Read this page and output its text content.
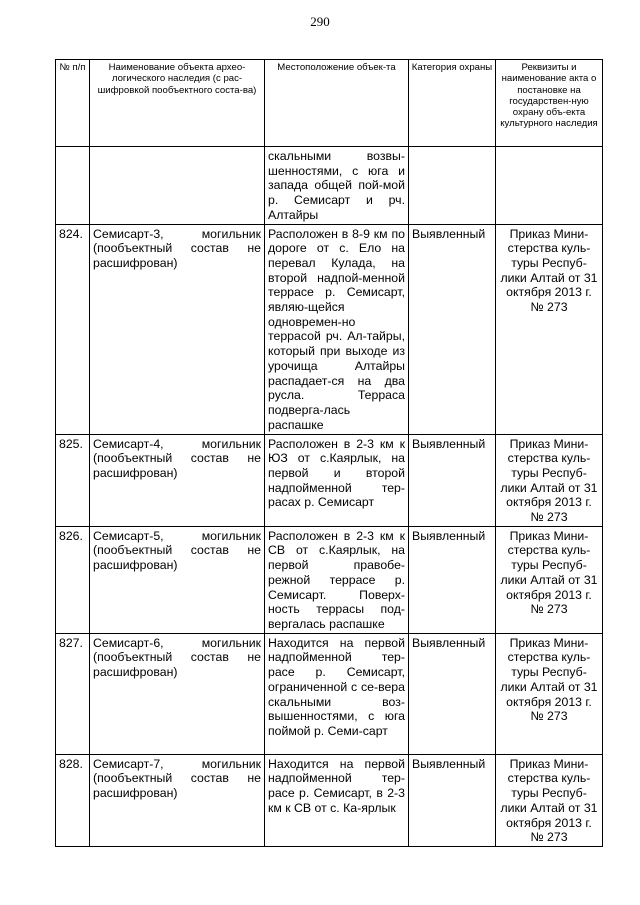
290
№ п/п	Наименование объекта архео-логического наследия (с рас-шифровкой пообъектного соста-ва)	Местоположение объек-та	Категория охраны	Реквизиты и наименование акта о постановке на государствен-ную охрану объ-екта культурного наследия
		скальными возвы-шенностями, с юга и запада общей пой-мой р. Семисарт и рч. Алтайры		
824.	Семисарт-3, могильник (пообъектный состав не расшифрован)	Расположен в 8-9 км по дороге от с. Ело на перевал Кулада, на второй надпой-менной террасе р. Семисарт, являю-щейся одновремен-но террасой рч. Ал-тайры, который при выходе из урочища Алтайры распадает-ся на два русла. Терраса подверга-лась распашке	Выявленный	Приказ Мини-стерства куль-туры Респуб-лики Алтай от 31 октября 2013 г. № 273
825.	Семисарт-4, могильник (пообъектный состав не расшифрован)	Расположен в 2-3 км к ЮЗ от с.Каярлык, на первой и второй надпойменной тер-расах р. Семисарт	Выявленный	Приказ Мини-стерства куль-туры Респуб-лики Алтай от 31 октября 2013 г. № 273
826.	Семисарт-5, могильник (пообъектный состав не расшифрован)	Расположен в 2-3 км к СВ от с.Каярлык, на первой правобе-режной террасе р. Семисарт. Поверх-ность террасы под-вергалась распашке	Выявленный	Приказ Мини-стерства куль-туры Респуб-лики Алтай от 31 октября 2013 г. № 273
827.	Семисарт-6, могильник (пообъектный состав не расшифрован)	Находится на первой надпойменной тер-расе р. Семисарт, ограниченной с се-вера скальными воз-вышенностями, с юга поймой р. Семи-сарт	Выявленный	Приказ Мини-стерства куль-туры Респуб-лики Алтай от 31 октября 2013 г. № 273
828.	Семисарт-7, могильник (пообъектный состав не расшифрован)	Находится на первой надпойменной тер-расе р. Семисарт, в 2-3 км к СВ от с. Ка-ярлык	Выявленный	Приказ Мини-стерства куль-туры Респуб-лики Алтай от 31 октября 2013 г. № 273
